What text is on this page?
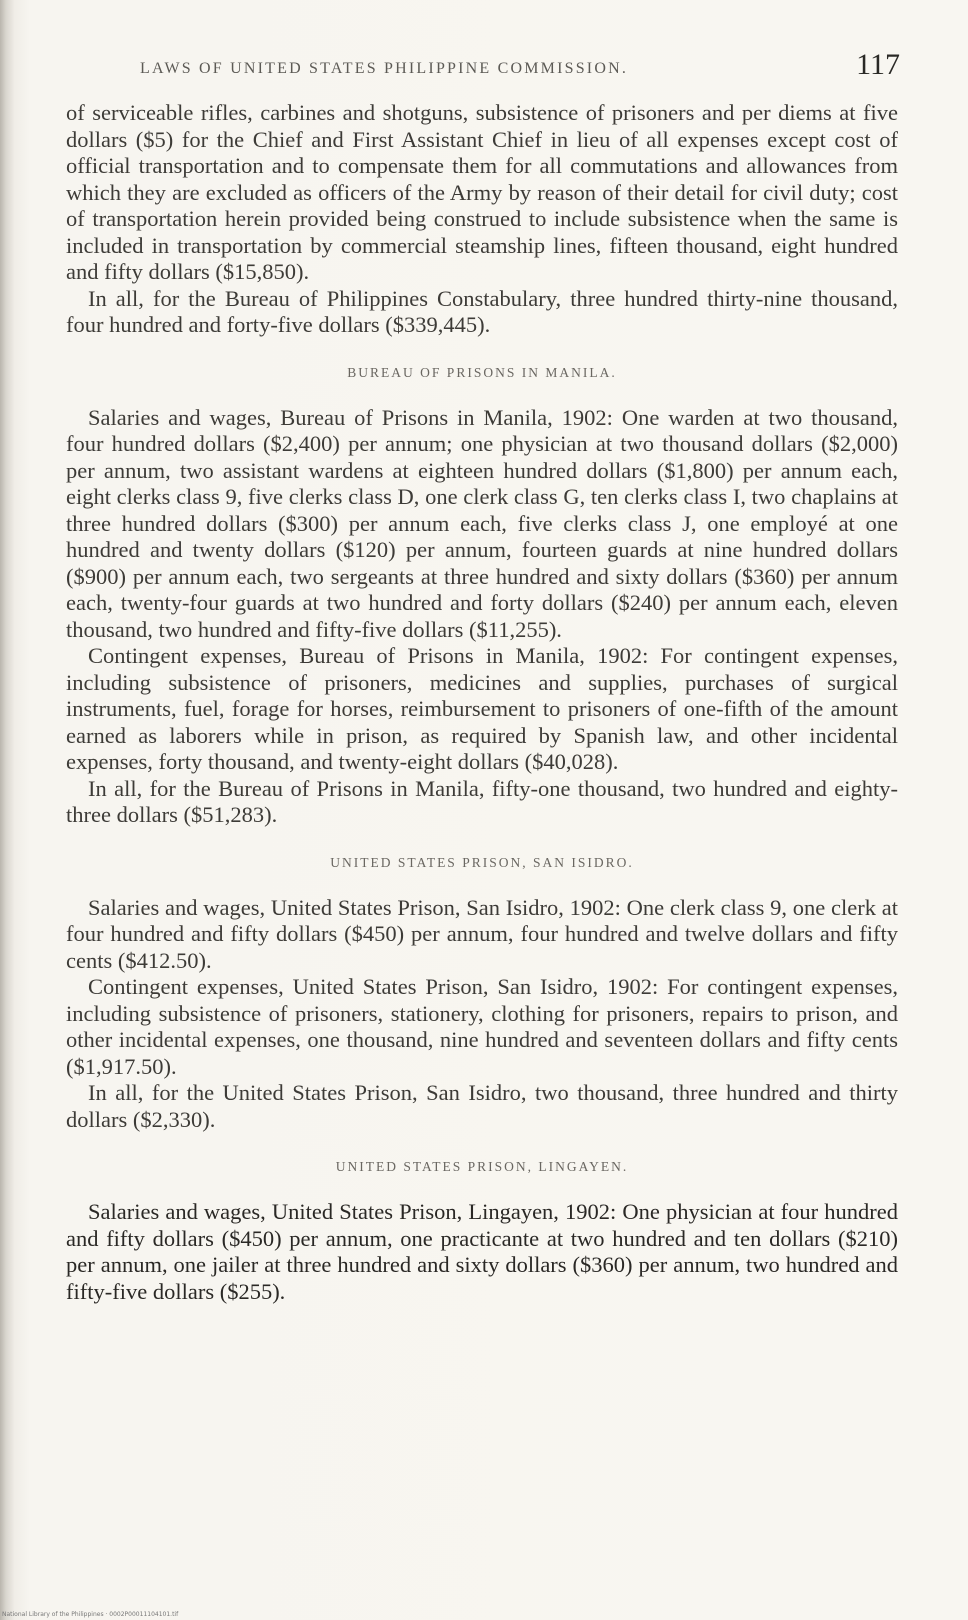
LAWS OF UNITED STATES PHILIPPINE COMMISSION.	117

of serviceable rifles, carbines and shotguns, subsistence of prisoners and per diems at five dollars ($5) for the Chief and First Assistant Chief in lieu of all expenses except cost of official transportation and to compensate them for all commutations and allowances from which they are excluded as officers of the Army by reason of their detail for civil duty; cost of transportation herein provided being construed to include subsistence when the same is included in transportation by commercial steamship lines, fifteen thousand, eight hundred and fifty dollars ($15,850).

In all, for the Bureau of Philippines Constabulary, three hundred thirty-nine thousand, four hundred and forty-five dollars ($339,445).

BUREAU OF PRISONS IN MANILA.

Salaries and wages, Bureau of Prisons in Manila, 1902: One warden at two thousand, four hundred dollars ($2,400) per annum; one physician at two thousand dollars ($2,000) per annum, two assistant wardens at eighteen hundred dollars ($1,800) per annum each, eight clerks class 9, five clerks class D, one clerk class G, ten clerks class I, two chaplains at three hundred dollars ($300) per annum each, five clerks class J, one employé at one hundred and twenty dollars ($120) per annum, fourteen guards at nine hundred dollars ($900) per annum each, two sergeants at three hundred and sixty dollars ($360) per annum each, twenty-four guards at two hundred and forty dollars ($240) per annum each, eleven thousand, two hundred and fifty-five dollars ($11,255).

Contingent expenses, Bureau of Prisons in Manila, 1902: For contingent expenses, including subsistence of prisoners, medicines and supplies, purchases of surgical instruments, fuel, forage for horses, reimbursement to prisoners of one-fifth of the amount earned as laborers while in prison, as required by Spanish law, and other incidental expenses, forty thousand, and twenty-eight dollars ($40,028).

In all, for the Bureau of Prisons in Manila, fifty-one thousand, two hundred and eighty-three dollars ($51,283).

UNITED STATES PRISON, SAN ISIDRO.

Salaries and wages, United States Prison, San Isidro, 1902: One clerk class 9, one clerk at four hundred and fifty dollars ($450) per annum, four hundred and twelve dollars and fifty cents ($412.50).

Contingent expenses, United States Prison, San Isidro, 1902: For contingent expenses, including subsistence of prisoners, stationery, clothing for prisoners, repairs to prison, and other incidental expenses, one thousand, nine hundred and seventeen dollars and fifty cents ($1,917.50).

In all, for the United States Prison, San Isidro, two thousand, three hundred and thirty dollars ($2,330).

UNITED STATES PRISON, LINGAYEN.

Salaries and wages, United States Prison, Lingayen, 1902: One physician at four hundred and fifty dollars ($450) per annum, one practicante at two hundred and ten dollars ($210) per annum, one jailer at three hundred and sixty dollars ($360) per annum, two hundred and fifty-five dollars ($255).

National Library of the Philippines · 0002P00011104101.tif
